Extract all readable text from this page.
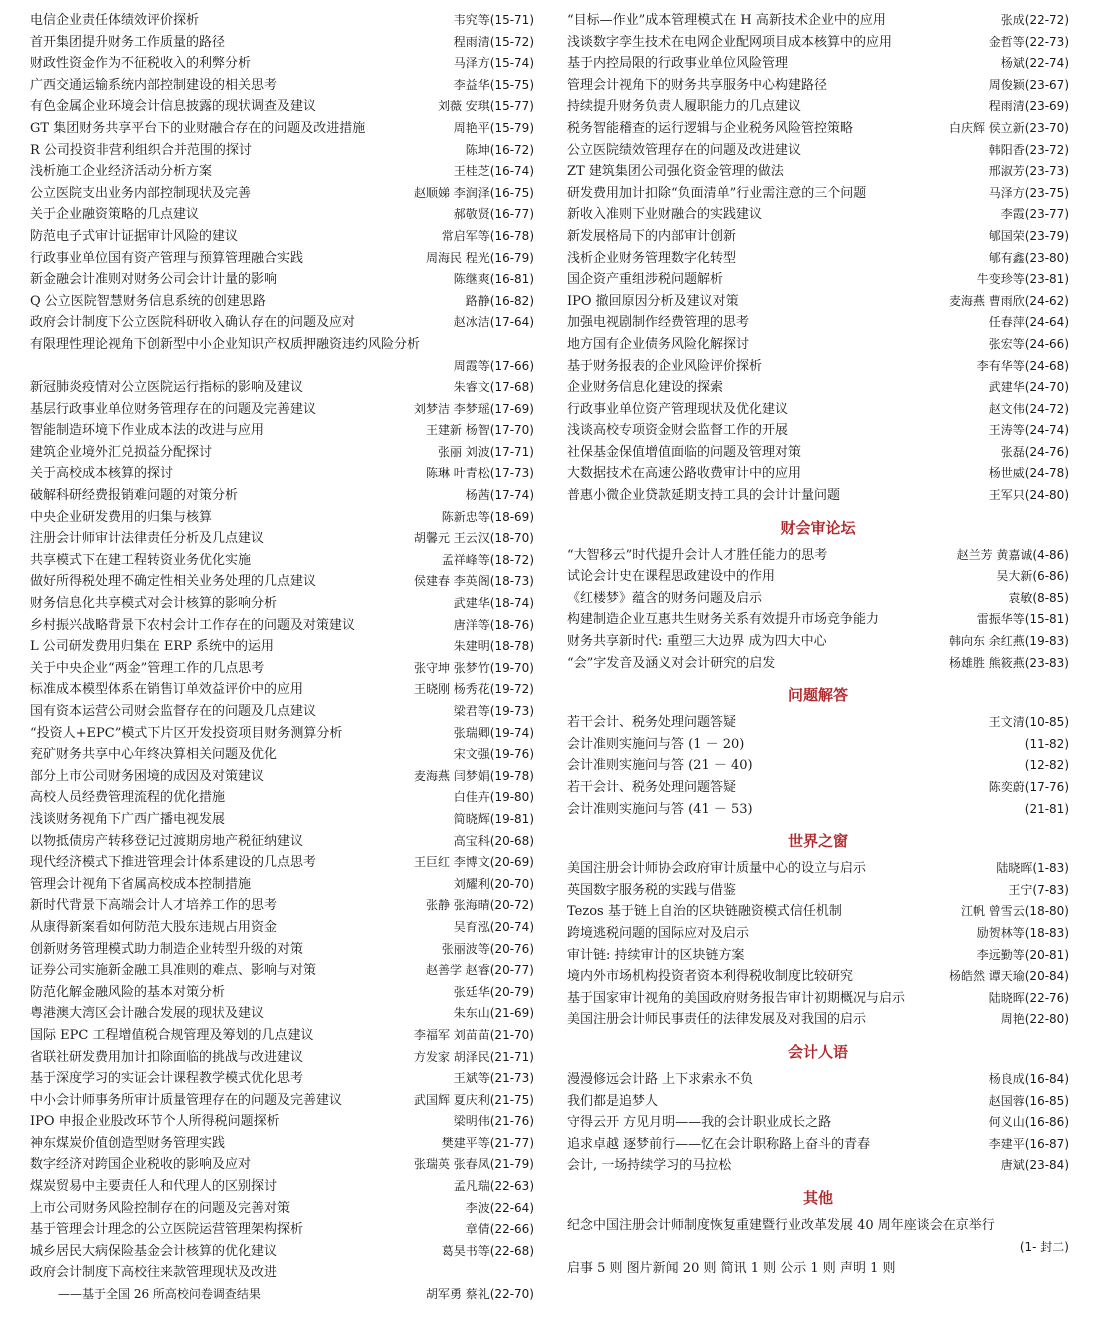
电信企业责任体绩效评价探析	韦究等(15-71)
首开集团提升财务工作质量的路径	程雨清(15-72)
财政性资金作为不征税收入的利弊分析	马泽方(15-74)
广西交通运输系统内部控制建设的相关思考	李益华(15-75)
有色金属企业环境会计信息披露的现状调查及建议	刘薇 安琪(15-77)
GT 集团财务共享平台下的业财融合存在的问题及改进措施	周艳平(15-79)
R 公司投资非营利组织合并范围的探讨	陈坤(16-72)
浅析施工企业经济活动分析方案	王桂芝(16-74)
公立医院支出业务内部控制现状及完善	赵顺娣 李润泽(16-75)
关于企业融资策略的几点建议	郝敬贤(16-77)
防范电子式审计证据审计风险的建议	常启军等(16-78)
行政事业单位国有资产管理与预算管理融合实践	周海民 程光(16-79)
新金融会计准则对财务公司会计计量的影响	陈继爽(16-81)
Q 公立医院智慧财务信息系统的创建思路	路静(16-82)
政府会计制度下公立医院科研收入确认存在的问题及应对	赵冰洁(17-64)
有限理性理论视角下创新型中小企业知识产权质押融资违约风险分析
周霞等(17-66)
新冠肺炎疫情对公立医院运行指标的影响及建议	朱睿文(17-68)
基层行政事业单位财务管理存在的问题及完善建议	刘梦洁 李梦瑶(17-69)
智能制造环境下作业成本法的改进与应用	王建新 杨智(17-70)
建筑企业境外汇兑损益分配探讨	张丽 刘波(17-71)
关于高校成本核算的探讨	陈琳 叶青松(17-73)
破解科研经费报销难问题的对策分析	杨茜(17-74)
中央企业研发费用的归集与核算	陈新忠等(18-69)
注册会计师审计法律责任分析及几点建议	胡馨元 王云汉(18-70)
共享模式下在建工程转资业务优化实施	孟祥峰等(18-72)
做好所得税处理不确定性相关业务处理的几点建议	侯建春 李英阁(18-73)
财务信息化共享模式对会计核算的影响分析	武建华(18-74)
乡村振兴战略背景下农村会计工作存在的问题及对策建议	唐洋等(18-76)
L 公司研发费用归集在 ERP 系统中的运用	朱建明(18-78)
关于中央企业“两金”管理工作的几点思考	张守坤 张梦竹(19-70)
标准成本模型体系在销售订单效益评价中的应用	王晓刚 杨秀花(19-72)
国有资本运营公司财会监督存在的问题及几点建议	梁君等(19-73)
“投资人+EPC”模式下片区开发投资项目财务测算分析	张瑞卿(19-74)
兖矿财务共享中心年终决算相关问题及优化	宋文强(19-76)
部分上市公司财务困境的成因及对策建议	麦海燕 闫梦娟(19-78)
高校人员经费管理流程的优化措施	白佳卉(19-80)
浅谈财务视角下广西广播电视发展	简晓辉(19-81)
以物抵债房产转移登记过渡期房地产税征纳建议	高宝科(20-68)
现代经济模式下推进管理会计体系建设的几点思考	王巨红 李博文(20-69)
管理会计视角下省属高校成本控制措施	刘耀利(20-70)
新时代背景下高端会计人才培养工作的思考	张静 张海晴(20-72)
从康得新案看如何防范大股东违规占用资金	吴育泓(20-74)
创新财务管理模式助力制造企业转型升级的对策	张丽波等(20-76)
证券公司实施新金融工具准则的难点、影响与对策	赵善学 赵睿(20-77)
防范化解金融风险的基本对策分析	张廷华(20-79)
粤港澳大湾区会计融合发展的现状及建议	朱东山(21-69)
国际 EPC 工程增值税合规管理及筹划的几点建议	李福军 刘苗苗(21-70)
省联社研发费用加计扣除面临的挑战与改进建议	方发家 胡泽民(21-71)
基于深度学习的实证会计课程教学模式优化思考	王斌等(21-73)
中小会计师事务所审计质量管理存在的问题及完善建议	武国辉 夏庆利(21-75)
IPO 申报企业股改环节个人所得税问题探析	梁明伟(21-76)
神东煤炭价值创造型财务管理实践	樊建平等(21-77)
数字经济对跨国企业税收的影响及应对	张瑞英 张春凤(21-79)
煤炭贸易中主要责任人和代理人的区别探讨	孟凡瑞(22-63)
上市公司财务风险控制存在的问题及完善对策	李波(22-64)
基于管理会计理念的公立医院运营管理架构探析	章倩(22-66)
城乡居民大病保险基金会计核算的优化建议	葛昊书等(22-68)
政府会计制度下高校往来款管理现状及改进
——基于全国 26 所高校问卷调查结果	胡军勇 蔡礼(22-70)
“目标—作业”成本管理模式在 H 高新技术企业中的应用	张成(22-72)
浅谈数字孪生技术在电网企业配网项目成本核算中的应用	金哲等(22-73)
基于内控局限的行政事业单位风险管理	杨斌(22-74)
管理会计视角下的财务共享服务中心构建路径	周俊颖(23-67)
持续提升财务负责人履职能力的几点建议	程雨清(23-69)
税务智能稽查的运行逻辑与企业税务风险管控策略	白庆辉 侯立新(23-70)
公立医院绩效管理存在的问题及改进建议	韩阳香(23-72)
ZT 建筑集团公司强化资金管理的做法	邢淑芳(23-73)
研发费用加计扣除“负面清单”行业需注意的三个问题	马泽方(23-75)
新收入准则下业财融合的实践建议	李霞(23-77)
新发展格局下的内部审计创新	郇国荣(23-79)
浅析企业财务管理数字化转型	郇有鑫(23-80)
国企资产重组涉税问题解析	牛变珍等(23-81)
IPO 撤回原因分析及建议对策	麦海燕 曹雨欣(24-62)
加强电视剧制作经费管理的思考	任春萍(24-64)
地方国有企业债务风险化解探讨	张宏等(24-66)
基于财务报表的企业风险评价探析	李有华等(24-68)
企业财务信息化建设的探索	武建华(24-70)
行政事业单位资产管理现状及优化建议	赵文伟(24-72)
浅谈高校专项资金财会监督工作的开展	王涛等(24-74)
社保基金保值增值面临的问题及管理对策	张磊(24-76)
大数据技术在高速公路收费审计中的应用	杨世威(24-78)
普惠小微企业贷款延期支持工具的会计计量问题	王军只(24-80)
财会审论坛
“大智移云”时代提升会计人才胜任能力的思考	赵兰芳 黄嘉诚(4-86)
试论会计史在课程思政建设中的作用	吴大新(6-86)
《红楼梦》蕴含的财务问题及启示	袁敏(8-85)
构建制造企业互惠共生财务关系有效提升市场竞争能力	雷振华等(15-81)
财务共享新时代: 重塑三大边界 成为四大中心	韩向东 余红燕(19-83)
“会”字发音及涵义对会计研究的启发	杨雄胜 熊筱燕(23-83)
问题解答
若干会计、税务处理问题答疑	王文清(10-85)
会计准则实施问与答 (1 － 20)	(11-82)
会计准则实施问与答 (21 － 40)	(12-82)
若干会计、税务处理问题答疑	陈奕蔚(17-76)
会计准则实施问与答 (41 － 53)	(21-81)
世界之窗
美国注册会计师协会政府审计质量中心的设立与启示	陆晓晖(1-83)
英国数字服务税的实践与借鉴	王宁(7-83)
Tezos 基于链上自治的区块链融资模式信任机制	江帆 曾雪云(18-80)
跨境逃税问题的国际应对及启示	励贺林等(18-83)
审计链: 持续审计的区块链方案	李远勤等(20-81)
境内外市场机构投资者资本利得税收制度比较研究	杨皓然 谭天瑜(20-84)
基于国家审计视角的美国政府财务报告审计初期概况与启示	陆晓晖(22-76)
美国注册会计师民事责任的法律发展及对我国的启示	周艳(22-80)
会计人语
漫漫修远会计路 上下求索永不负	杨良成(16-84)
我们都是追梦人	赵国蓉(16-85)
守得云开 方见月明——我的会计职业成长之路	何义山(16-86)
追求卓越 逐梦前行——忆在会计职称路上奋斗的青春	李建平(16-87)
会计, 一场持续学习的马拉松	唐斌(23-84)
其他
纪念中国注册会计师制度恢复重建暨行业改革发展 40 周年座谈会在京举行
(1- 封二)
启事 5 则 图片新闻 20 则 简讯 1 则 公示 1 则 声明 1 则
